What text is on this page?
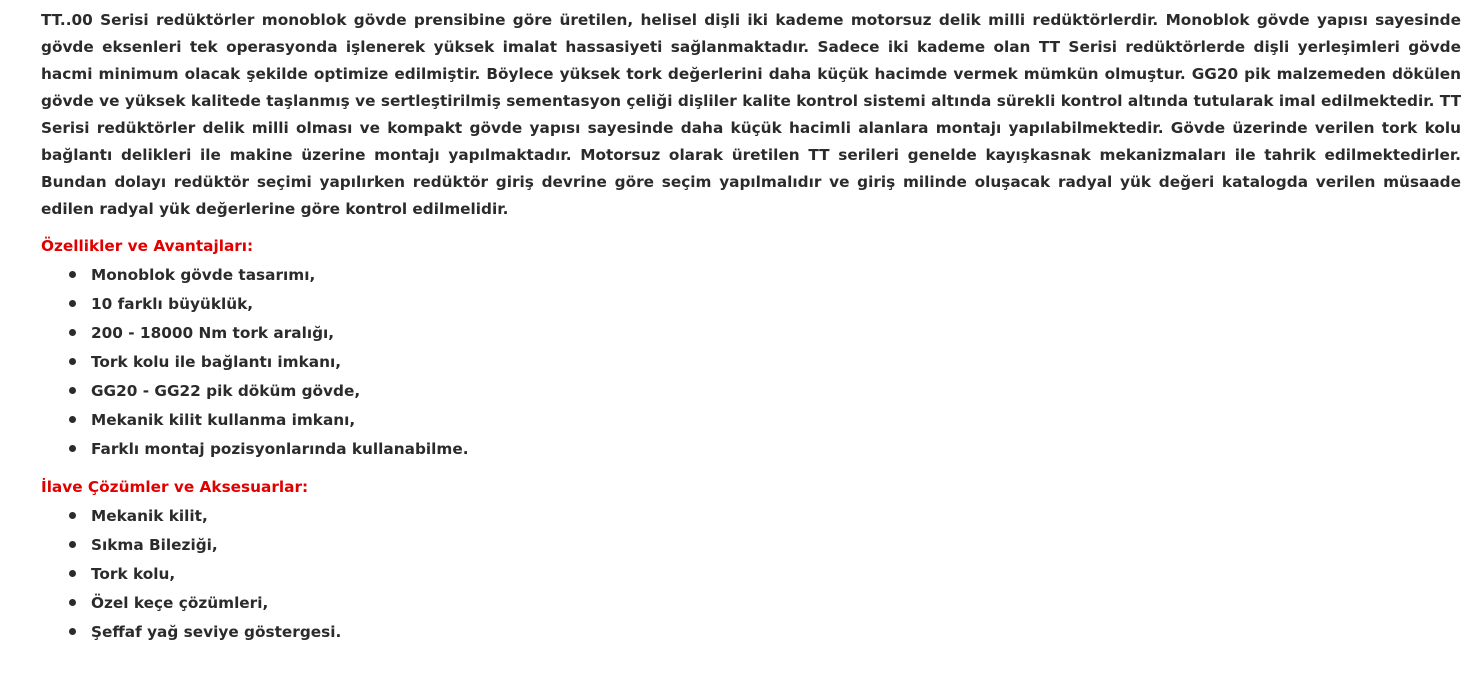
TT..00 Serisi redüktörler monoblok gövde prensibine göre üretilen, helisel dişli iki kademe motorsuz delik milli redüktörlerdir. Monoblok gövde yapısı sayesinde gövde eksenleri tek operasyonda işlenerek yüksek imalat hassasiyeti sağlanmaktadır. Sadece iki kademe olan TT Serisi redüktörlerde dişli yerleşimleri gövde hacmi minimum olacak şekilde optimize edilmiştir. Böylece yüksek tork değerlerini daha küçük hacimde vermek mümkün olmuştur. GG20 pik malzemeden dökülen gövde ve yüksek kalitede taşlanmış ve sertleştirilmiş sementasyon çeliği dişliler kalite kontrol sistemi altında sürekli kontrol altında tutularak imal edilmektedir. TT Serisi redüktörler delik milli olması ve kompakt gövde yapısı sayesinde daha küçük hacimli alanlara montajı yapılabilmektedir. Gövde üzerinde verilen tork kolu bağlantı delikleri ile makine üzerine montajı yapılmaktadır. Motorsuz olarak üretilen TT serileri genelde kayışkasnak mekanizmaları ile tahrik edilmektedirler. Bundan dolayı redüktör seçimi yapılırken redüktör giriş devrine göre seçim yapılmalıdır ve giriş milinde oluşacak radyal yük değeri katalogda verilen müsaade edilen radyal yük değerlerine göre kontrol edilmelidir.

Özellikler ve Avantajları:
Monoblok gövde tasarımı,
10 farklı büyüklük,
200 - 18000 Nm tork aralığı,
Tork kolu ile bağlantı imkanı,
GG20 - GG22 pik döküm gövde,
Mekanik kilit kullanma imkanı,
Farklı montaj pozisyonlarında kullanabilme.
İlave Çözümler ve Aksesuarlar:
Mekanik kilit,
Sıkma Bileziği,
Tork kolu,
Özel keçe çözümleri,
Şeffaf yağ seviye göstergesi.
